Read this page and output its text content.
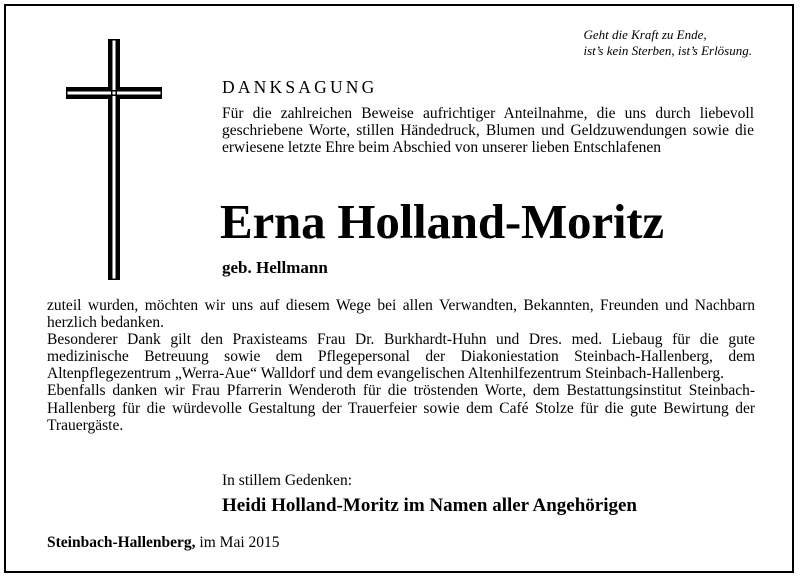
Geht die Kraft zu Ende,
ist’s kein Sterben, ist’s Erlösung.
DANKSAGUNG
Für die zahlreichen Beweise aufrichtiger Anteilnahme, die uns durch liebevoll geschriebene Worte, stillen Händedruck, Blumen und Geldzuwendungen sowie die erwiesene letzte Ehre beim Abschied von unserer lieben Entschlafenen
Erna Holland-Moritz
geb. Hellmann

zuteil wurden, möchten wir uns auf diesem Wege bei allen Verwandten, Bekannten, Freunden und Nachbarn herzlich bedanken.

Besonderer Dank gilt den Praxisteams Frau Dr. Burkhardt-Huhn und Dres. med. Liebaug für die gute medizinische Betreuung sowie dem Pflegepersonal der Diakoniestation Steinbach-Hallenberg, dem Altenpflegezentrum „Werra-Aue“ Walldorf und dem evangelischen Altenhilfezentrum Steinbach-Hallenberg.

Ebenfalls danken wir Frau Pfarrerin Wenderoth für die tröstenden Worte, dem Bestattungsinstitut Steinbach-Hallenberg für die würdevolle Gestaltung der Trauerfeier sowie dem Café Stolze für die gute Bewirtung der Trauergäste.

In stillem Gedenken:
Heidi Holland-Moritz im Namen aller Angehörigen
Steinbach-Hallenberg, im Mai 2015
